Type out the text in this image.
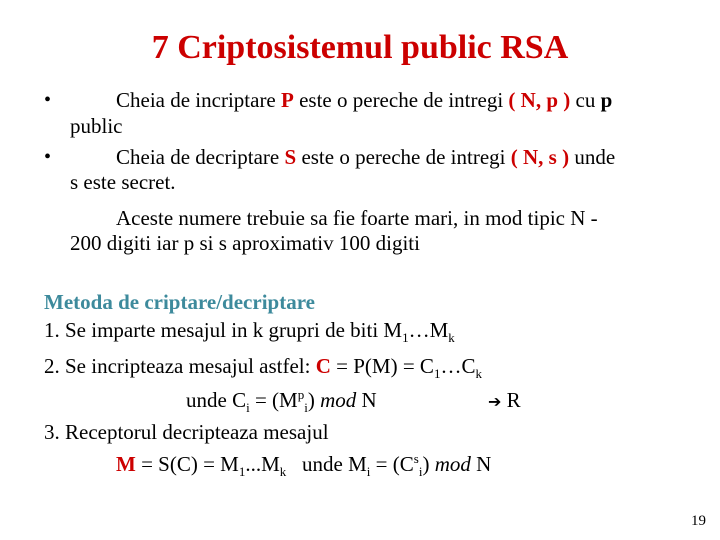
7 Criptosistemul public RSA
•	Cheia de incriptare P este o pereche de intregi ( N, p ) cu p
public
•	Cheia de decriptare S este o pereche de intregi ( N, s ) unde
s este secret.
Aceste numere trebuie sa fie foarte mari, in mod tipic N -
200 digiti iar p si s aproximativ 100 digiti
Metoda de criptare/decriptare
1. Se imparte mesajul in k grupri de biti $M_1\dots M_k$
2. Se incripteaza mesajul astfel: $C = P(M) = C_1\dots C_k$
unde $C_i = (M^p_i)$ mod N	➔ R
3. Receptorul decripteaza mesajul
$M = S(C) = M_1...M_k$   unde $M_i = (C^s_i)$ mod N
19
